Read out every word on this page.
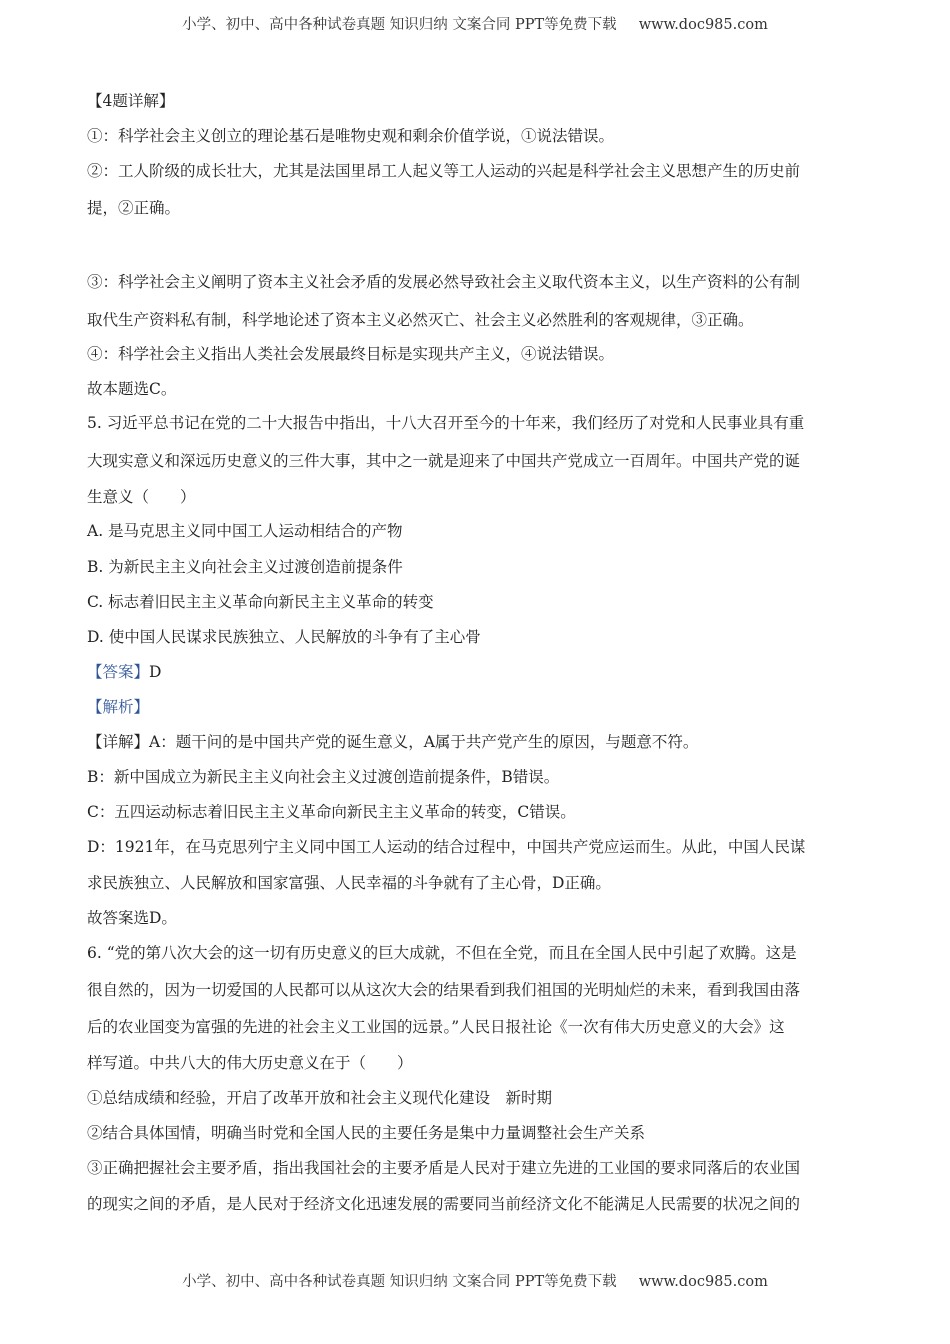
小学、初中、高中各种试卷真题 知识归纳 文案合同 PPT等免费下载 www.doc985.com
【4题详解】
①：科学社会主义创立的理论基石是唯物史观和剩余价值学说，①说法错误。
②：工人阶级的成长壮大，尤其是法国里昂工人起义等工人运动的兴起是科学社会主义思想产生的历史前
提，②正确。
③：科学社会主义阐明了资本主义社会矛盾的发展必然导致社会主义取代资本主义，以生产资料的公有制
取代生产资料私有制，科学地论述了资本主义必然灭亡、社会主义必然胜利的客观规律，③正确。
④：科学社会主义指出人类社会发展最终目标是实现共产主义，④说法错误。
故本题选C。
5. 习近平总书记在党的二十大报告中指出，十八大召开至今的十年来，我们经历了对党和人民事业具有重
大现实意义和深远历史意义的三件大事，其中之一就是迎来了中国共产党成立一百周年。中国共产党的诞
生意义（　　）
A. 是马克思主义同中国工人运动相结合的产物
B. 为新民主主义向社会主义过渡创造前提条件
C. 标志着旧民主主义革命向新民主主义革命的转变
D. 使中国人民谋求民族独立、人民解放的斗争有了主心骨
【答案】D
【解析】
【详解】A：题干问的是中国共产党的诞生意义，A属于共产党产生的原因，与题意不符。
B：新中国成立为新民主主义向社会主义过渡创造前提条件，B错误。
C：五四运动标志着旧民主主义革命向新民主主义革命的转变，C错误。
D：1921年，在马克思列宁主义同中国工人运动的结合过程中，中国共产党应运而生。从此，中国人民谋
求民族独立、人民解放和国家富强、人民幸福的斗争就有了主心骨，D正确。
故答案选D。
6. “党的第八次大会的这一切有历史意义的巨大成就，不但在全党，而且在全国人民中引起了欢腾。这是
很自然的，因为一切爱国的人民都可以从这次大会的结果看到我们祖国的光明灿烂的未来，看到我国由落
后的农业国变为富强的先进的社会主义工业国的远景。”人民日报社论《一次有伟大历史意义的大会》这
样写道。中共八大的伟大历史意义在于（　　）
①总结成绩和经验，开启了改革开放和社会主义现代化建设　新时期
②结合具体国情，明确当时党和全国人民的主要任务是集中力量调整社会生产关系
③正确把握社会主要矛盾，指出我国社会的主要矛盾是人民对于建立先进的工业国的要求同落后的农业国
的现实之间的矛盾，是人民对于经济文化迅速发展的需要同当前经济文化不能满足人民需要的状况之间的
小学、初中、高中各种试卷真题 知识归纳 文案合同 PPT等免费下载 www.doc985.com
